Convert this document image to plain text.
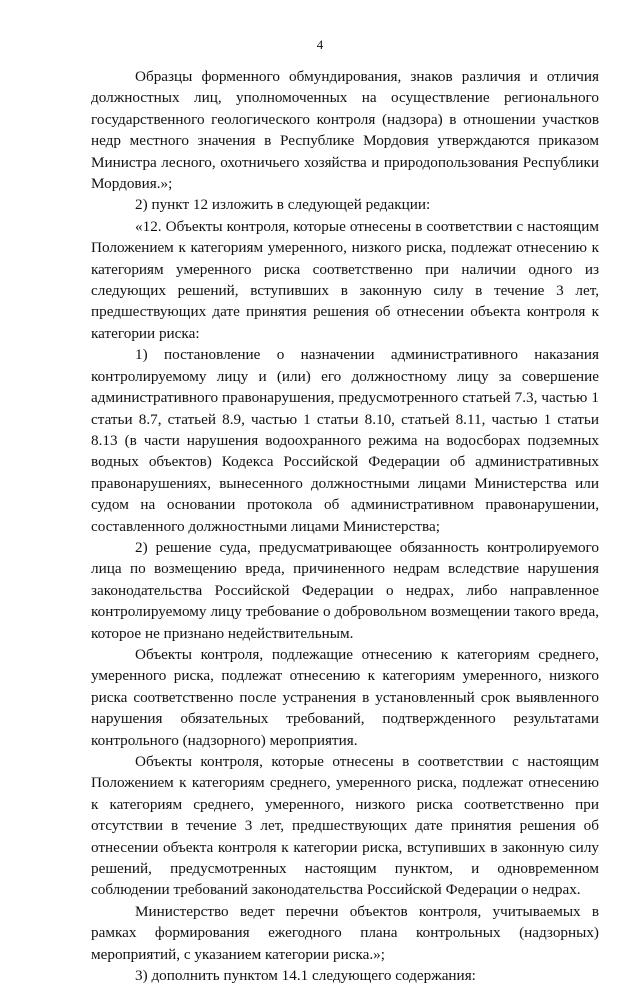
4

Образцы форменного обмундирования, знаков различия и отличия должностных лиц, уполномоченных на осуществление регионального государственного геологического контроля (надзора) в отношении участков недр местного значения в Республике Мордовия утверждаются приказом Министра лесного, охотничьего хозяйства и природопользования Республики Мордовия.»;

2) пункт 12 изложить в следующей редакции:

«12. Объекты контроля, которые отнесены в соответствии с настоящим Положением к категориям умеренного, низкого риска, подлежат отнесению к категориям умеренного риска соответственно при наличии одного из следующих решений, вступивших в законную силу в течение 3 лет, предшествующих дате принятия решения об отнесении объекта контроля к категории риска:

1) постановление о назначении административного наказания контролируемому лицу и (или) его должностному лицу за совершение административного правонарушения, предусмотренного статьей 7.3, частью 1 статьи 8.7, статьей 8.9, частью 1 статьи 8.10, статьей 8.11, частью 1 статьи 8.13 (в части нарушения водоохранного режима на водосборах подземных водных объектов) Кодекса Российской Федерации об административных правонарушениях, вынесенного должностными лицами Министерства или судом на основании протокола об административном правонарушении, составленного должностными лицами Министерства;

2) решение суда, предусматривающее обязанность контролируемого лица по возмещению вреда, причиненного недрам вследствие нарушения законодательства Российской Федерации о недрах, либо направленное контролируемому лицу требование о добровольном возмещении такого вреда, которое не признано недействительным.

Объекты контроля, подлежащие отнесению к категориям среднего, умеренного риска, подлежат отнесению к категориям умеренного, низкого риска соответственно после устранения в установленный срок выявленного нарушения обязательных требований, подтвержденного результатами контрольного (надзорного) мероприятия.

Объекты контроля, которые отнесены в соответствии с настоящим Положением к категориям среднего, умеренного риска, подлежат отнесению к категориям среднего, умеренного, низкого риска соответственно при отсутствии в течение 3 лет, предшествующих дате принятия решения об отнесении объекта контроля к категории риска, вступивших в законную силу решений, предусмотренных настоящим пунктом, и одновременном соблюдении требований законодательства Российской Федерации о недрах.

Министерство ведет перечни объектов контроля, учитываемых в рамках формирования ежегодного плана контрольных (надзорных) мероприятий, с указанием категории риска.»;

3) дополнить пунктом 14.1 следующего содержания:
